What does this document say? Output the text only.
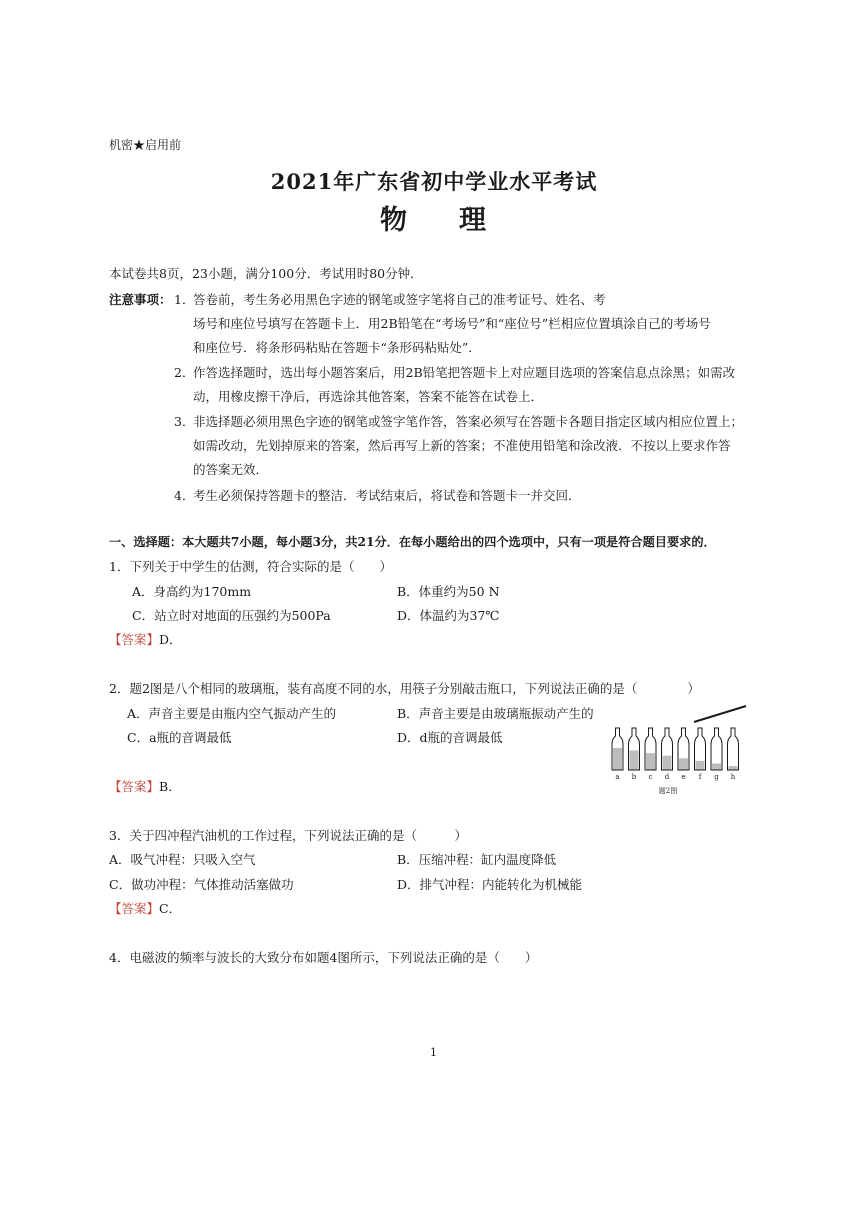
机密★启用前
2021年广东省初中学业水平考试
物 理
本试卷共8页，23小题，满分100分．考试用时80分钟．
注意事项： 1．
答卷前，考生务必用黑色字迹的钢笔或签字笔将自己的准考证号、姓名、考
场号和座位号填写在答题卡上．用2B铅笔在“考场号”和“座位号”栏相应位置填涂自己的考场号
和座位号．将条形码粘贴在答题卡“条形码粘贴处”．
2．
作答选择题时，选出每小题答案后，用2B铅笔把答题卡上对应题目选项的答案信息点涂黑；如需改
动，用橡皮擦干净后，再选涂其他答案，答案不能答在试卷上．
3．
非选择题必须用黑色字迹的钢笔或签字笔作答，答案必须写在答题卡各题目指定区域内相应位置上；
如需改动，先划掉原来的答案，然后再写上新的答案；不准使用铅笔和涂改液．不按以上要求作答
的答案无效．
4．
考生必须保持答题卡的整洁．考试结束后，将试卷和答题卡一并交回．
一、选择题：本大题共7小题，每小题3分，共21分．在每小题给出的四个选项中，只有一项是符合题目要求的．
1．下列关于中学生的估测，符合实际的是（　　）
A．身高约为170mm	B．体重约为50 N
C．站立时对地面的压强约为500Pa	D．体温约为37℃
【答案】D．
2．题2图是八个相同的玻璃瓶，装有高度不同的水，用筷子分别敲击瓶口，下列说法正确的是（　　　　）
A．声音主要是由瓶内空气振动产生的	B．声音主要是由玻璃瓶振动产生的
C．a瓶的音调最低	D．d瓶的音调最低
【答案】B．
a b c d e f g h
题2图
3．关于四冲程汽油机的工作过程，下列说法正确的是（　　　）
A．吸气冲程：只吸入空气	B．压缩冲程：缸内温度降低
C．做功冲程：气体推动活塞做功	D．排气冲程：内能转化为机械能
【答案】C．
4．电磁波的频率与波长的大致分布如题4图所示，下列说法正确的是（　　）
1
